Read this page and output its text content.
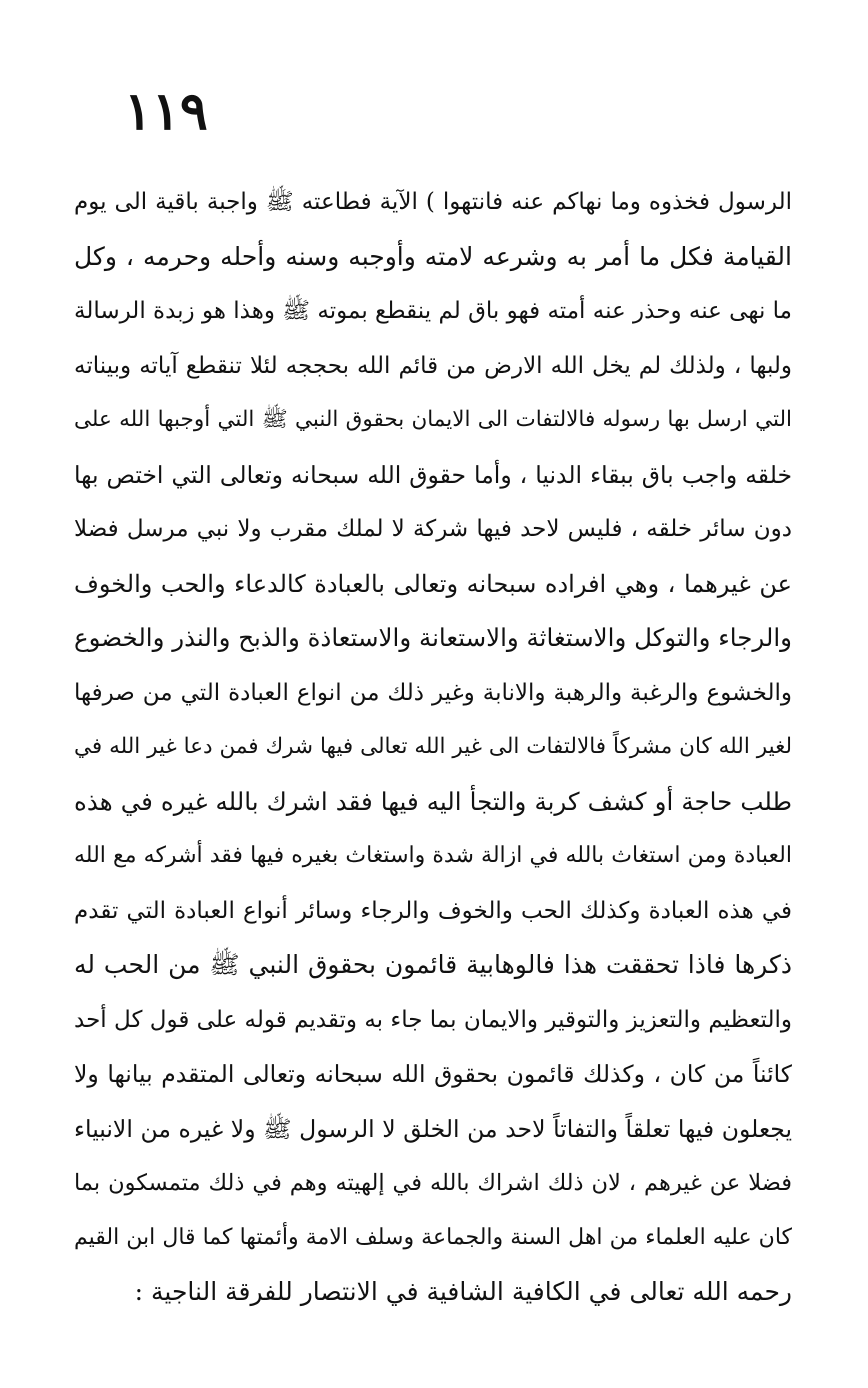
١١٩
الرسول فخذوه وما نهاكم عنه فانتهوا ) الآية فطاعته ﷺ واجبة باقية الى يوم
القيامة فكل ما أمر به وشرعه لامته وأوجبه وسنه وأحله وحرمه ، وكل
ما نهى عنه وحذر عنه أمته فهو باق لم ينقطع بموته ﷺ وهذا هو زبدة الرسالة
ولبها ، ولذلك لم يخل الله الارض من قائم الله بحججه لئلا تنقطع آياته وبيناته
التي ارسل بها رسوله فالالتفات الى الايمان بحقوق النبي ﷺ التي أوجبها الله على
خلقه واجب باق ببقاء الدنيا ، وأما حقوق الله سبحانه وتعالى التي اختص بها
دون سائر خلقه ، فليس لاحد فيها شركة لا لملك مقرب ولا نبي مرسل فضلا
عن غيرهما ، وهي افراده سبحانه وتعالى بالعبادة كالدعاء والحب والخوف
والرجاء والتوكل والاستغاثة والاستعانة والاستعاذة والذبح والنذر والخضوع
والخشوع والرغبة والرهبة والانابة وغير ذلك من انواع العبادة التي من صرفها
لغير الله كان مشركاً فالالتفات الى غير الله تعالى فيها شرك فمن دعا غير الله في
طلب حاجة أو كشف كربة والتجأ اليه فيها فقد اشرك بالله غيره في هذه
العبادة ومن استغاث بالله في ازالة شدة واستغاث بغيره فيها فقد أشركه مع الله
في هذه العبادة وكذلك الحب والخوف والرجاء وسائر أنواع العبادة التي تقدم
ذكرها فاذا تحققت هذا فالوهابية قائمون بحقوق النبي ﷺ من الحب له
والتعظيم والتعزيز والتوقير والايمان بما جاء به وتقديم قوله على قول كل أحد
كائناً من كان ، وكذلك قائمون بحقوق الله سبحانه وتعالى المتقدم بيانها ولا
يجعلون فيها تعلقاً والتفاتاً لاحد من الخلق لا الرسول ﷺ ولا غيره من الانبياء
فضلا عن غيرهم ، لان ذلك اشراك بالله في إلهيته وهم في ذلك متمسكون بما
كان عليه العلماء من اهل السنة والجماعة وسلف الامة وأئمتها كما قال ابن القيم
رحمه الله تعالى في الكافية الشافية في الانتصار للفرقة الناجية :
